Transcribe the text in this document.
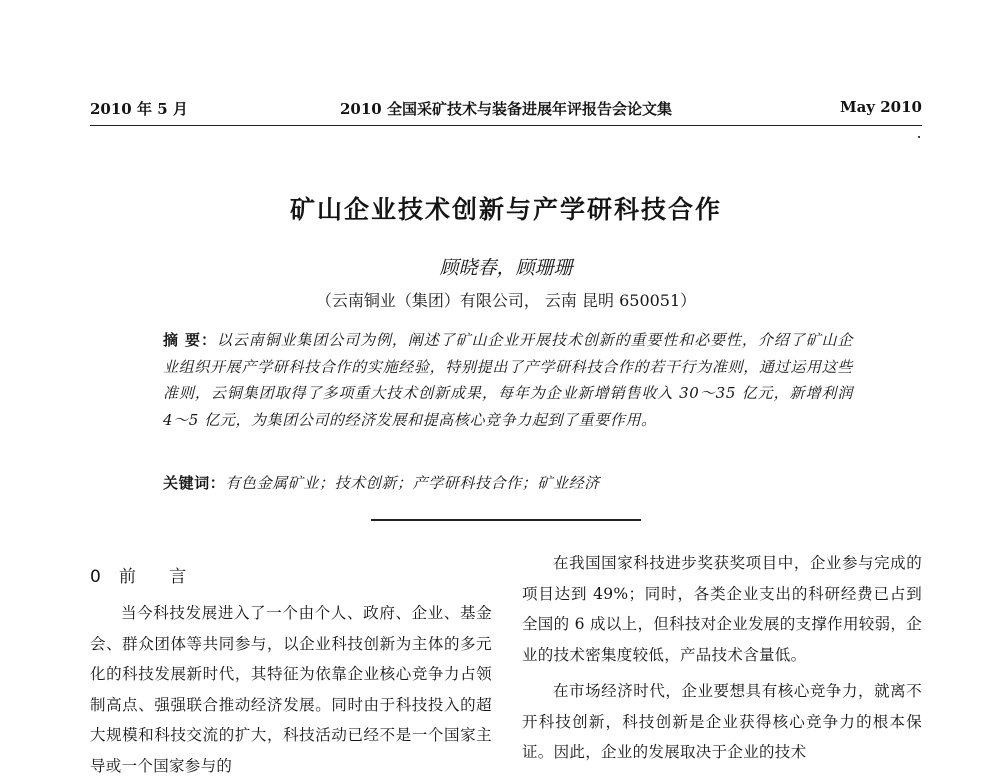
2010 年 5 月	2010 全国采矿技术与装备进展年评报告会论文集	May 2010
矿山企业技术创新与产学研科技合作
顾晓春，顾珊珊
（云南铜业（集团）有限公司， 云南 昆明 650051）
摘 要：以云南铜业集团公司为例，阐述了矿山企业开展技术创新的重要性和必要性，介绍了矿山企业组织开展产学研科技合作的实施经验，特别提出了产学研科技合作的若干行为准则，通过运用这些准则，云铜集团取得了多项重大技术创新成果，每年为企业新增销售收入 30～35 亿元，新增利润 4～5 亿元，为集团公司的经济发展和提高核心竞争力起到了重要作用。
关键词：有色金属矿业；技术创新；产学研科技合作；矿业经济
0 前 言

当今科技发展进入了一个由个人、政府、企业、基金会、群众团体等共同参与，以企业科技创新为主体的多元化的科技发展新时代，其特征为依靠企业核心竞争力占领制高点、强强联合推动经济发展。同时由于科技投入的超大规模和科技交流的扩大，科技活动已经不是一个国家主导或一个国家参与的

在我国国家科技进步奖获奖项目中，企业参与完成的项目达到 49%；同时，各类企业支出的科研经费已占到全国的 6 成以上，但科技对企业发展的支撑作用较弱，企业的技术密集度较低，产品技术含量低。

在市场经济时代，企业要想具有核心竞争力，就离不开科技创新，科技创新是企业获得核心竞争力的根本保证。因此，企业的发展取决于企业的技术
